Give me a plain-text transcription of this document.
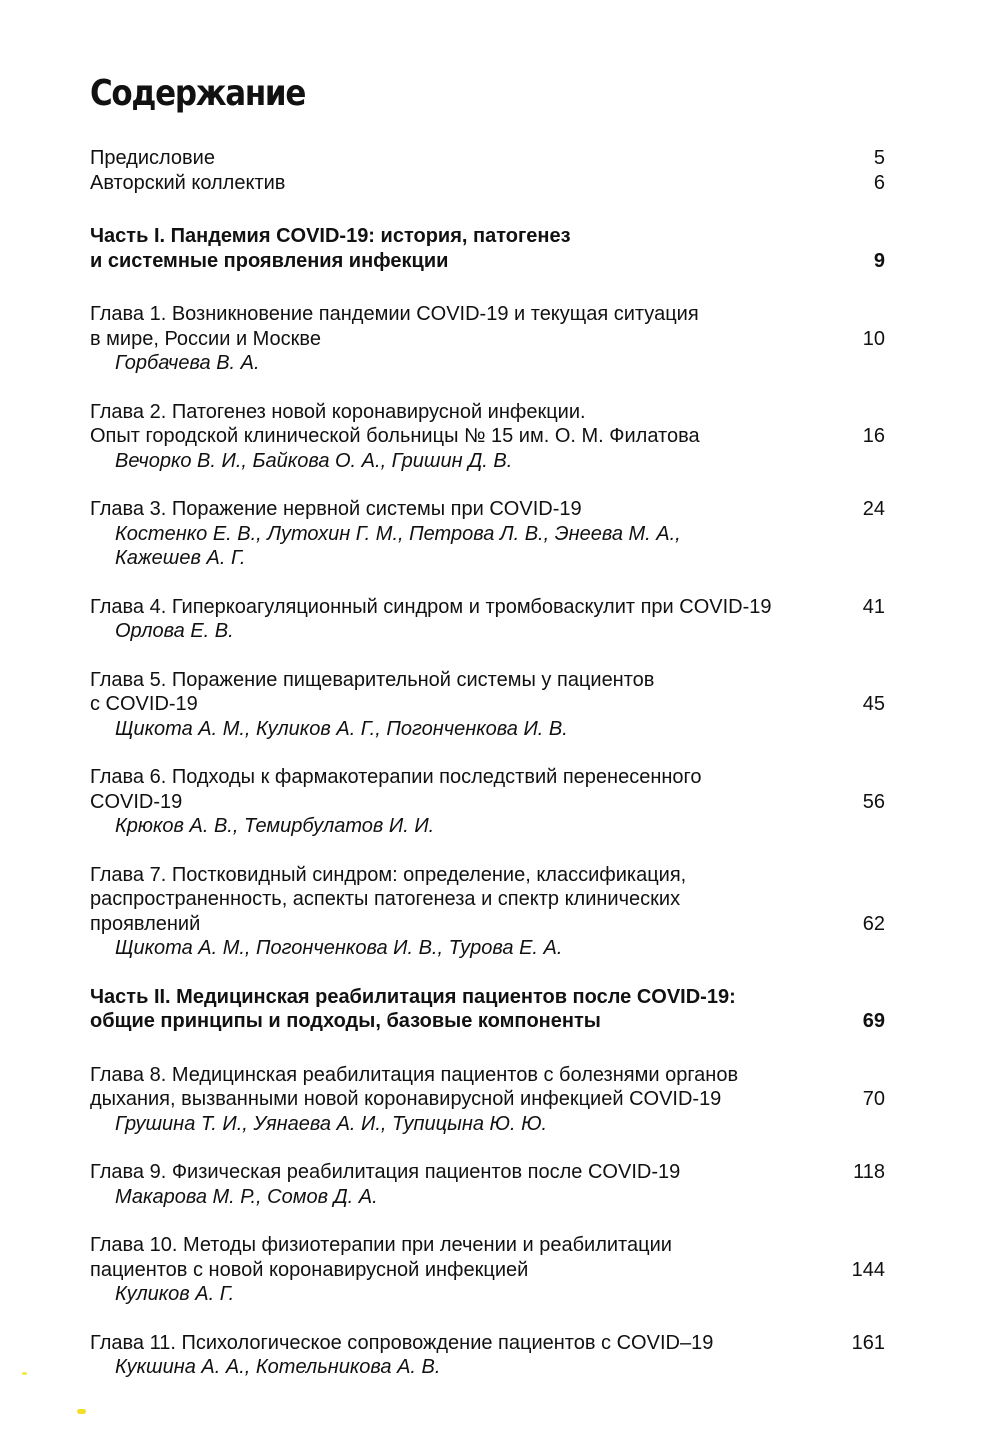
Содержание
Предисловие	5
Авторский коллектив	6
Часть I. Пандемия COVID-19: история, патогенез
и системные проявления инфекции	9
Глава 1. Возникновение пандемии COVID-19 и текущая ситуация
в мире, России и Москве	10
Горбачева В. А.
Глава 2. Патогенез новой коронавирусной инфекции.
Опыт городской клинической больницы № 15 им. О. М. Филатова	16
Вечорко В. И., Байкова О. А., Гришин Д. В.
Глава 3. Поражение нервной системы при COVID-19	24
Костенко Е. В., Лутохин Г. М., Петрова Л. В., Энеева М. А.,
Кажешев А. Г.
Глава 4. Гиперкоагуляционный синдром и тромбоваскулит при COVID-19	41
Орлова Е. В.
Глава 5. Поражение пищеварительной системы у пациентов
с COVID-19	45
Щикота А. М., Куликов А. Г., Погонченкова И. В.
Глава 6. Подходы к фармакотерапии последствий перенесенного
COVID-19	56
Крюков А. В., Темирбулатов И. И.
Глава 7. Постковидный синдром: определение, классификация,
распространенность, аспекты патогенеза и спектр клинических
проявлений	62
Щикота А. М., Погонченкова И. В., Турова Е. А.
Часть II. Медицинская реабилитация пациентов после COVID-19:
общие принципы и подходы, базовые компоненты	69
Глава 8. Медицинская реабилитация пациентов с болезнями органов
дыхания, вызванными новой коронавирусной инфекцией COVID-19	70
Грушина Т. И., Уянаева А. И., Тупицына Ю. Ю.
Глава 9. Физическая реабилитация пациентов после COVID-19	118
Макарова М. Р., Сомов Д. А.
Глава 10. Методы физиотерапии при лечении и реабилитации
пациентов с новой коронавирусной инфекцией	144
Куликов А. Г.
Глава 11. Психологическое сопровождение пациентов с COVID–19	161
Кукшина А. А., Котельникова А. В.
